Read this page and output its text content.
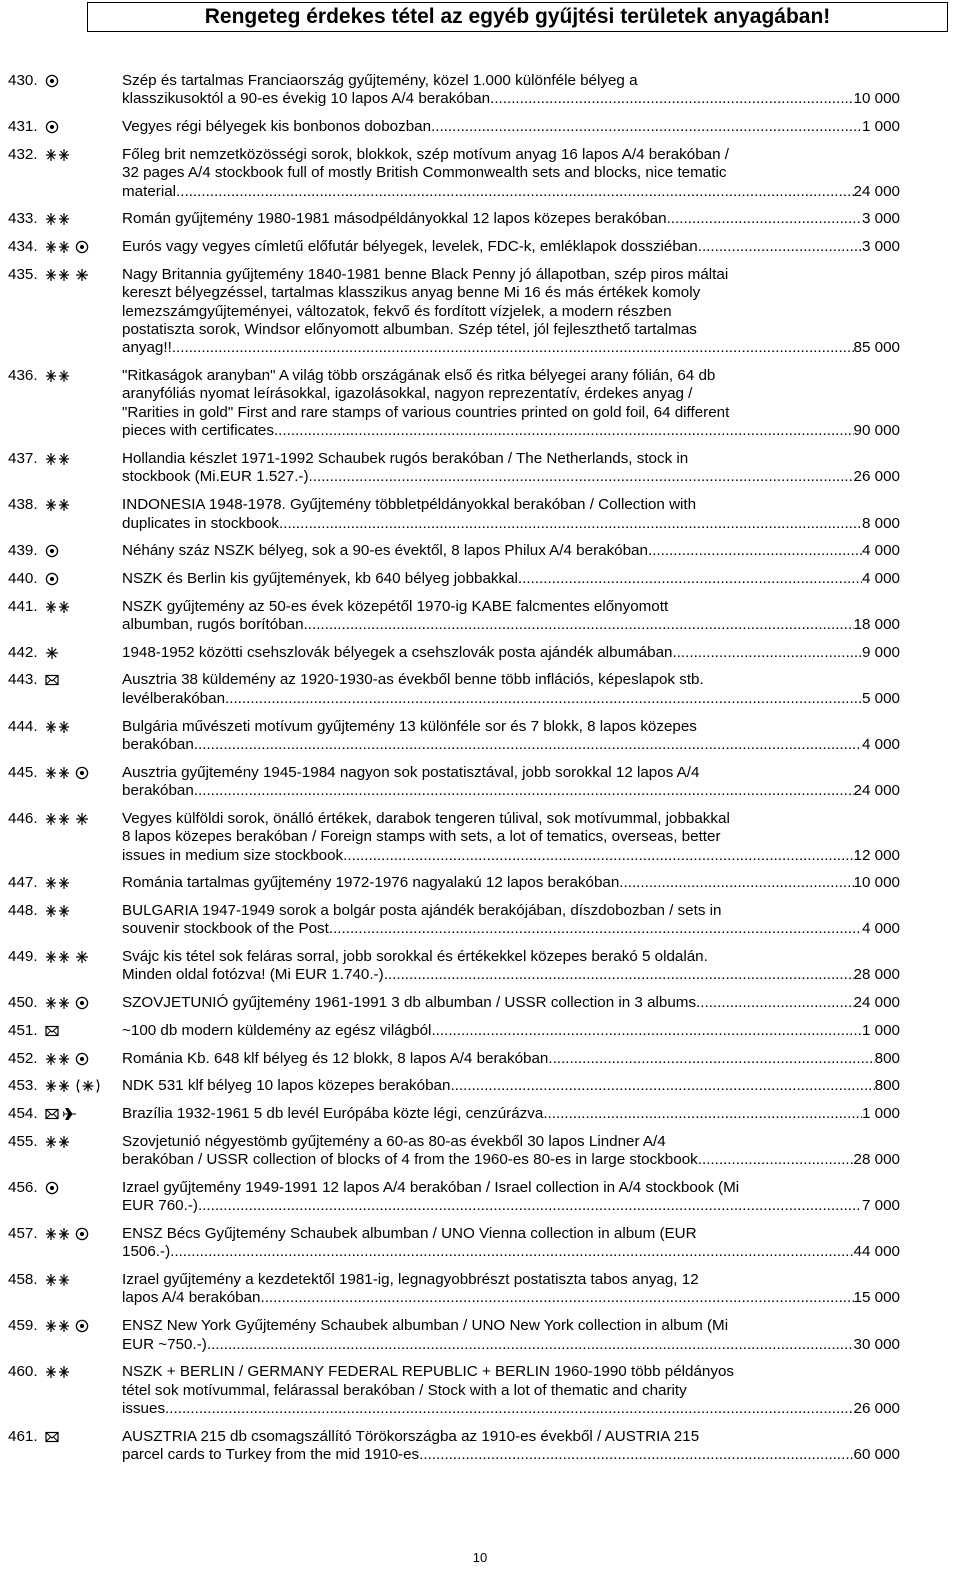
Rengeteg érdekes tétel az egyéb gyűjtési területek anyagában!
430.	Szép és tartalmas Franciaország gyűjtemény, közel 1.000 különféle bélyeg a
klasszikusoktól a 90-es évekig 10 lapos A/4 berakóban .....	10 000
431.	Vegyes régi bélyegek kis bonbonos dobozban .....	1 000
432.	Főleg brit nemzetközösségi sorok, blokkok, szép motívum anyag 16 lapos A/4 berakóban /
32 pages A/4 stockbook full of mostly British Commonwealth sets and blocks, nice tematic
material .....	24 000
433.	Román gyűjtemény 1980-1981 másodpéldányokkal 12 lapos közepes berakóban .....	3 000
434.	Eurós vagy vegyes címletű előfutár bélyegek, levelek, FDC-k, emléklapok dossziéban .....	3 000
435.	Nagy Britannia gyűjtemény 1840-1981 benne Black Penny jó állapotban, szép piros máltai
kereszt bélyegzéssel, tartalmas klasszikus anyag benne Mi 16 és más értékek komoly
lemezszámgyűjteményei, változatok, fekvő és fordított vízjelek, a modern részben
postatiszta sorok, Windsor előnyomott albumban. Szép tétel, jól fejleszthető tartalmas
anyag!! .....	85 000
436.	"Ritkaságok aranyban" A világ több országának első és ritka bélyegei arany fólián, 64 db
aranyfóliás nyomat leírásokkal, igazolásokkal, nagyon reprezentatív, érdekes anyag /
"Rarities in gold" First and rare stamps of various countries printed on gold foil, 64 different
pieces with certificates .....	90 000
437.	Hollandia készlet 1971-1992 Schaubek rugós berakóban / The Netherlands, stock in
stockbook (Mi.EUR 1.527.-) .....	26 000
438.	INDONESIA 1948-1978. Gyűjtemény többletpéldányokkal berakóban / Collection with
duplicates in stockbook .....	8 000
439.	Néhány száz NSZK bélyeg, sok a 90-es évektől, 8 lapos Philux A/4 berakóban .....	4 000
440.	NSZK és Berlin kis gyűjtemények, kb 640 bélyeg jobbakkal .....	4 000
441.	NSZK gyűjtemény az 50-es évek közepétől 1970-ig KABE falcmentes előnyomott
albumban, rugós borítóban .....	18 000
442.	1948-1952 közötti csehszlovák bélyegek a csehszlovák posta ajándék albumában .....	9 000
443.	Ausztria 38 küldemény az 1920-1930-as évekből benne több inflációs, képeslapok stb.
levélberakóban .....	5 000
444.	Bulgária művészeti motívum gyűjtemény 13 különféle sor és 7 blokk, 8 lapos közepes
berakóban .....	4 000
445.	Ausztria gyűjtemény 1945-1984 nagyon sok postatisztával, jobb sorokkal 12 lapos A/4
berakóban .....	24 000
446.	Vegyes külföldi sorok, önálló értékek, darabok tengeren túlival, sok motívummal, jobbakkal
8 lapos közepes berakóban / Foreign stamps with sets, a lot of tematics, overseas, better
issues in medium size stockbook .....	12 000
447.	Románia tartalmas gyűjtemény 1972-1976 nagyalakú 12 lapos berakóban .....	10 000
448.	BULGARIA 1947-1949 sorok a bolgár posta ajándék berakójában, díszdobozban / sets in
souvenir stockbook of the Post .....	4 000
449.	Svájc kis tétel sok feláras sorral, jobb sorokkal és értékekkel közepes berakó 5 oldalán.
Minden oldal fotózva! (Mi EUR 1.740.-) .....	28 000
450.	SZOVJETUNIÓ gyűjtemény 1961-1991 3 db albumban / USSR collection in 3 albums .....	24 000
451.	~100 db modern küldemény az egész világból .....	1 000
452.	Románia Kb. 648 klf bélyeg és 12 blokk, 8 lapos A/4 berakóban .....	800
453.	NDK 531 klf bélyeg 10 lapos közepes berakóban .....	800
454.	Brazília 1932-1961 5 db levél Európába közte légi, cenzúrázva .....	1 000
455.	Szovjetunió négyestömb gyűjtemény a 60-as 80-as évekből 30 lapos Lindner A/4
berakóban / USSR collection of blocks of 4 from the 1960-es 80-es in large stockbook .....	28 000
456.	Izrael gyűjtemény 1949-1991 12 lapos A/4 berakóban / Israel collection in A/4 stockbook (Mi
EUR 760.-) .....	7 000
457.	ENSZ Bécs Gyűjtemény Schaubek albumban / UNO Vienna collection in album (EUR
1506.-) .....	44 000
458.	Izrael gyűjtemény a kezdetektől 1981-ig, legnagyobbrészt postatiszta tabos anyag, 12
lapos A/4 berakóban .....	15 000
459.	ENSZ New York Gyűjtemény Schaubek albumban / UNO New York collection in album (Mi
EUR ~750.-) .....	30 000
460.	NSZK + BERLIN / GERMANY FEDERAL REPUBLIC + BERLIN 1960-1990 több példányos
tétel sok motívummal, felárassal berakóban / Stock with a lot of thematic and charity
issues. .....	26 000
461.	AUSZTRIA 215 db csomagszállító Törökországba az 1910-es évekből / AUSTRIA 215
parcel cards to Turkey from the mid 1910-es .....	60 000
10
